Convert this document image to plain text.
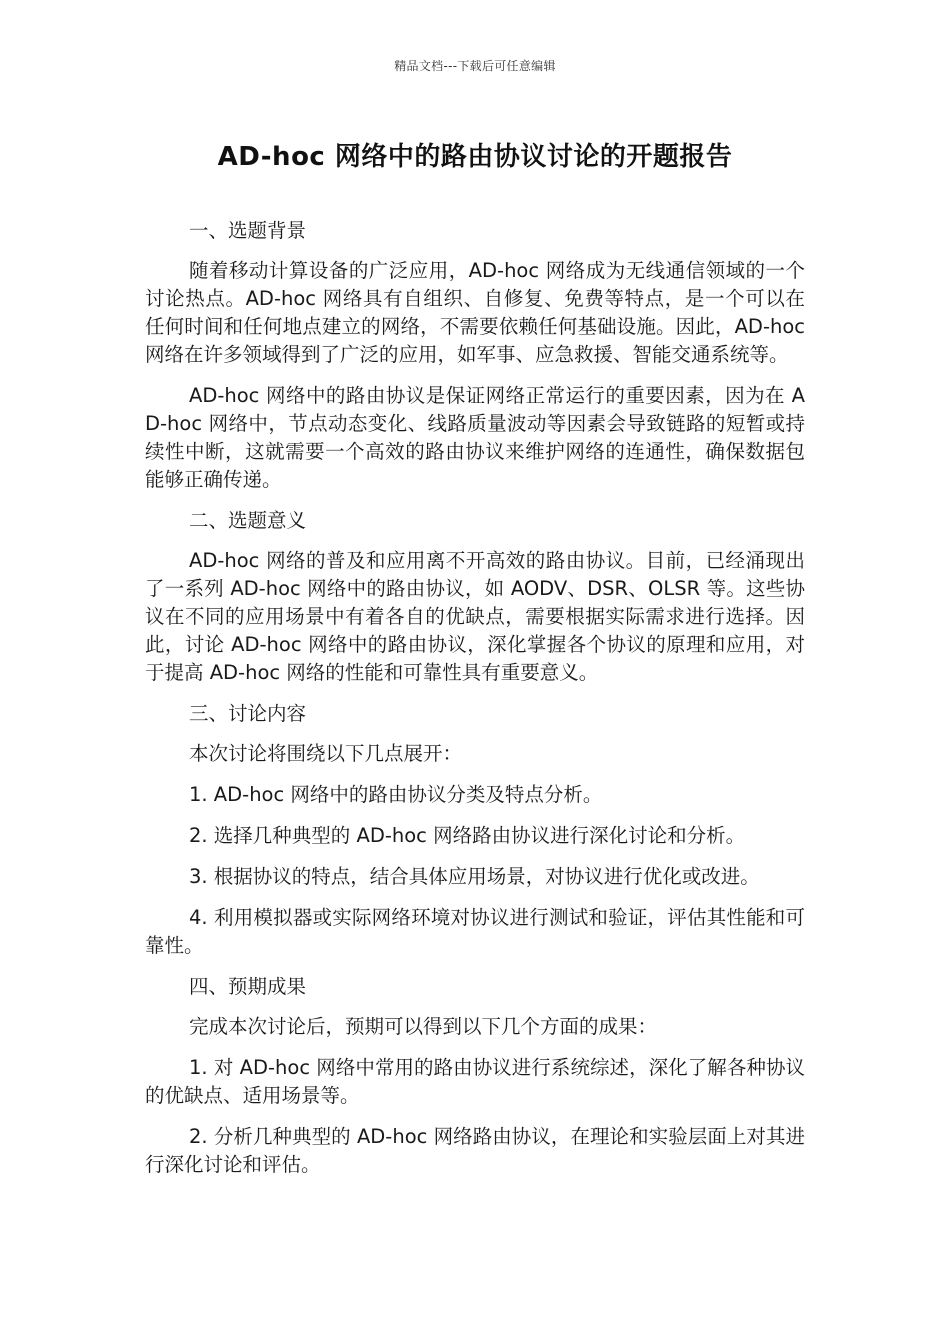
精品文档---下载后可任意编辑
AD-hoc 网络中的路由协议讨论的开题报告

一、选题背景

随着移动计算设备的广泛应用，AD-hoc 网络成为无线通信领域的一个讨论热点。AD-hoc 网络具有自组织、自修复、免费等特点，是一个可以在任何时间和任何地点建立的网络，不需要依赖任何基础设施。因此，AD-hoc 网络在许多领域得到了广泛的应用，如军事、应急救援、智能交通系统等。

AD-hoc 网络中的路由协议是保证网络正常运行的重要因素，因为在 AD-hoc 网络中，节点动态变化、线路质量波动等因素会导致链路的短暂或持续性中断，这就需要一个高效的路由协议来维护网络的连通性，确保数据包能够正确传递。

二、选题意义

AD-hoc 网络的普及和应用离不开高效的路由协议。目前，已经涌现出了一系列 AD-hoc 网络中的路由协议，如 AODV、DSR、OLSR 等。这些协议在不同的应用场景中有着各自的优缺点，需要根据实际需求进行选择。因此，讨论 AD-hoc 网络中的路由协议，深化掌握各个协议的原理和应用，对于提高 AD-hoc 网络的性能和可靠性具有重要意义。

三、讨论内容

本次讨论将围绕以下几点展开：

1. AD-hoc 网络中的路由协议分类及特点分析。

2. 选择几种典型的 AD-hoc 网络路由协议进行深化讨论和分析。

3. 根据协议的特点，结合具体应用场景，对协议进行优化或改进。

4. 利用模拟器或实际网络环境对协议进行测试和验证，评估其性能和可靠性。

四、预期成果

完成本次讨论后，预期可以得到以下几个方面的成果：

1. 对 AD-hoc 网络中常用的路由协议进行系统综述，深化了解各种协议的优缺点、适用场景等。

2. 分析几种典型的 AD-hoc 网络路由协议，在理论和实验层面上对其进行深化讨论和评估。
